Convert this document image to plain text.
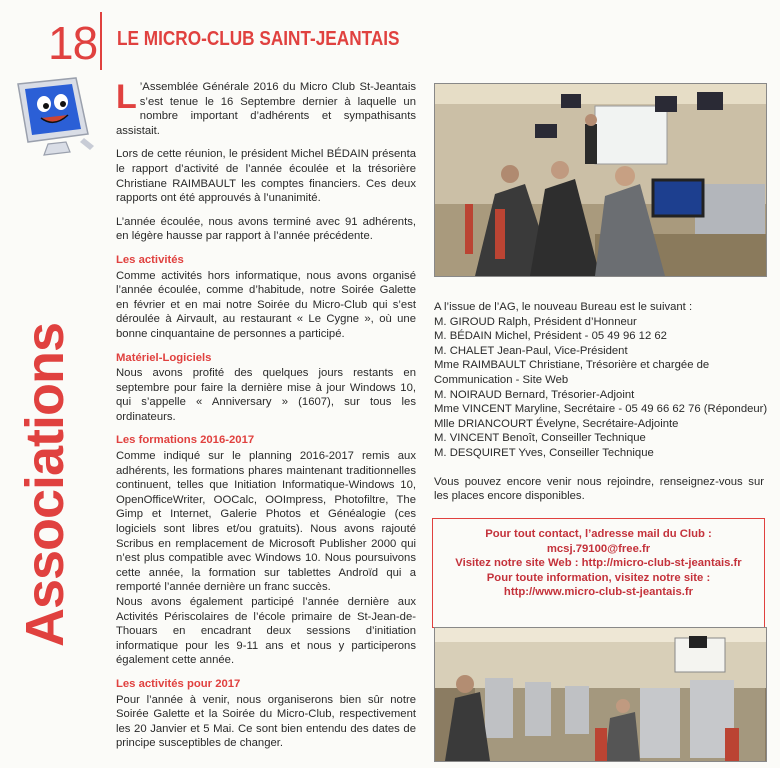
18 LE MICRO-CLUB SAINT-JEANTAIS
Associations

L ’Assemblée Générale 2016 du Micro Club St-Jeantais s’est tenue le 16 Septembre dernier à laquelle un nombre important d’adhérents et sympathisants assistait.

Lors de cette réunion, le président Michel BÉDAIN présenta le rapport d’activité de l’année écoulée et la trésorière Christiane RAIMBAULT les comptes financiers. Ces deux rapports ont été approuvés à l’unanimité.

L’année écoulée, nous avons terminé avec 91 adhérents, en légère hausse par rapport à l’année précédente.

Les activités

Comme activités hors informatique, nous avons organisé l’année écoulée, comme d’habitude, notre Soirée Galette en février et en mai notre Soirée du Micro-Club qui s’est déroulée à Airvault, au restaurant « Le Cygne », où une bonne cinquantaine de personnes a participé.

Matériel-Logiciels

Nous avons profité des quelques jours restants en septembre pour faire la dernière mise à jour Windows 10, qui s’appelle « Anniversary » (1607), sur tous les ordinateurs.

Les formations 2016-2017

Comme indiqué sur le planning 2016-2017 remis aux adhérents, les formations phares maintenant traditionnelles continuent, telles que Initiation Informatique-Windows 10, OpenOfficeWriter, OOCalc, OOImpress, Photofiltre, The Gimp et Internet, Galerie Photos et Généalogie (ces logiciels sont libres et/ou gratuits). Nous avons rajouté Scribus en remplacement de Microsoft Publisher 2000 qui n’est plus compatible avec Windows 10. Nous poursuivons cette année, la formation sur tablettes Androïd qui a remporté l’année dernière un franc succès.

Nous avons également participé l’année dernière aux Activités Périscolaires de l’école primaire de St-Jean-de-Thouars en encadrant deux sessions d’initiation informatique pour les 9-11 ans et nous y participerons également cette année.

Les activités pour 2017

Pour l’année à venir, nous organiserons bien sûr notre Soirée Galette et la Soirée du Micro-Club, respectivement les 20 Janvier et 5 Mai. Ce sont bien entendu des dates de principe susceptibles de changer.

A l’issue de l’AG, le nouveau Bureau est le suivant :
M. GIROUD Ralph, Président d’Honneur
M. BÉDAIN Michel, Président - 05 49 96 12 62
M. CHALET Jean-Paul, Vice-Président
Mme RAIMBAULT Christiane, Trésorière et chargée de Communication - Site Web
M. NOIRAUD Bernard, Trésorier-Adjoint
Mme VINCENT Maryline, Secrétaire - 05 49 66 62 76 (Répondeur)
Mlle DRIANCOURT Évelyne, Secrétaire-Adjointe
M. VINCENT Benoît, Conseiller Technique
M. DESQUIRET Yves, Conseiller Technique
Vous pouvez encore venir nous rejoindre, renseignez-vous sur les places encore disponibles.
Pour tout contact, l’adresse mail du Club :
mcsj.79100@free.fr
Visitez notre site Web : http://micro-club-st-jeantais.fr
Pour toute information, visitez notre site :
http://www.micro-club-st-jeantais.fr
